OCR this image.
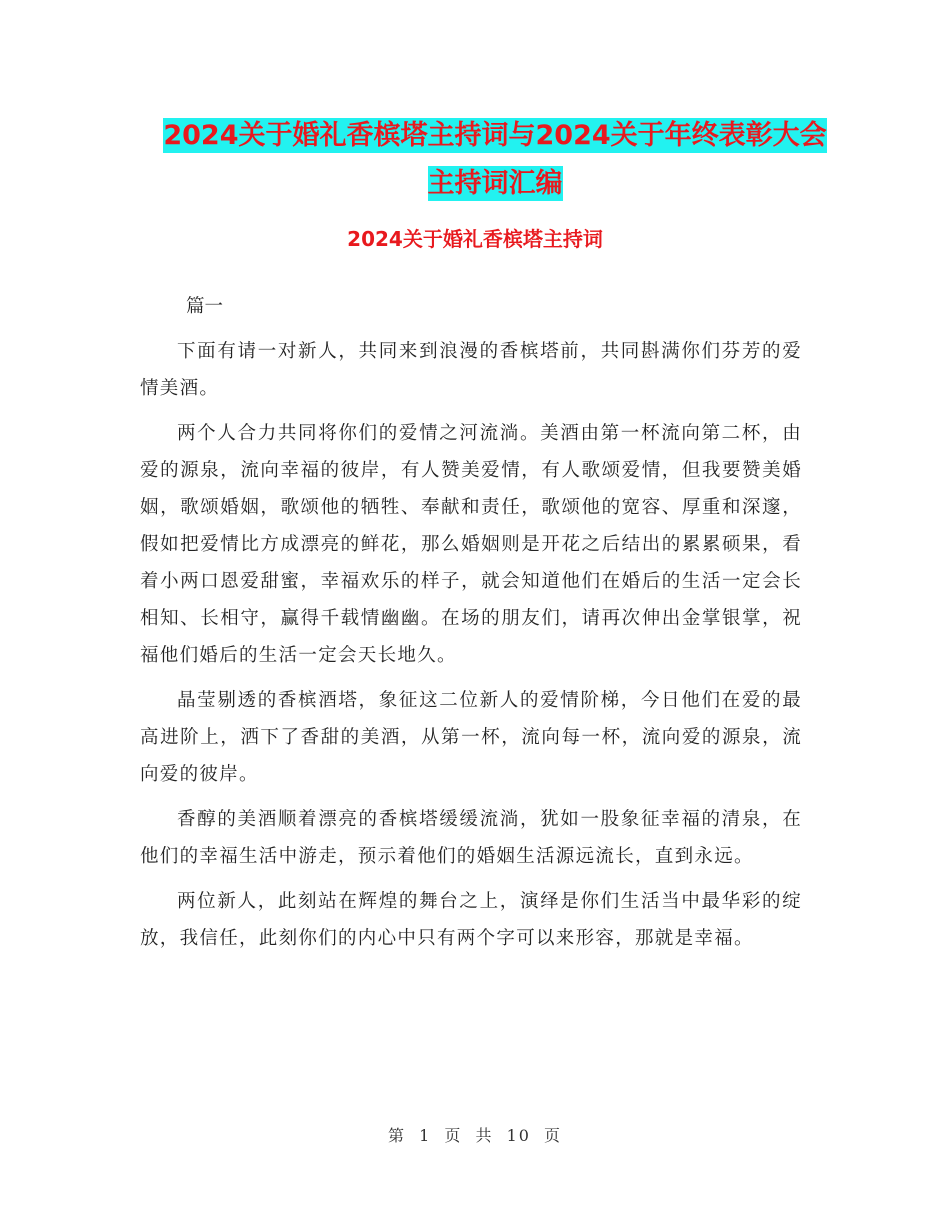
2024关于婚礼香槟塔主持词与2024关于年终表彰大会
主持词汇编
2024关于婚礼香槟塔主持词

篇一

下面有请一对新人，共同来到浪漫的香槟塔前，共同斟满你们芬芳的爱情美酒。

两个人合力共同将你们的爱情之河流淌。美酒由第一杯流向第二杯，由爱的源泉，流向幸福的彼岸，有人赞美爱情，有人歌颂爱情，但我要赞美婚姻，歌颂婚姻，歌颂他的牺牲、奉献和责任，歌颂他的宽容、厚重和深邃，假如把爱情比方成漂亮的鲜花，那么婚姻则是开花之后结出的累累硕果，看着小两口恩爱甜蜜，幸福欢乐的样子，就会知道他们在婚后的生活一定会长相知、长相守，赢得千载情幽幽。在场的朋友们，请再次伸出金掌银掌，祝福他们婚后的生活一定会天长地久。

晶莹剔透的香槟酒塔，象征这二位新人的爱情阶梯，今日他们在爱的最高进阶上，洒下了香甜的美酒，从第一杯，流向每一杯，流向爱的源泉，流向爱的彼岸。

香醇的美酒顺着漂亮的香槟塔缓缓流淌，犹如一股象征幸福的清泉，在他们的幸福生活中游走，预示着他们的婚姻生活源远流长，直到永远。

两位新人，此刻站在辉煌的舞台之上，演绎是你们生活当中最华彩的绽放，我信任，此刻你们的内心中只有两个字可以来形容，那就是幸福。

第 1 页 共 10 页
